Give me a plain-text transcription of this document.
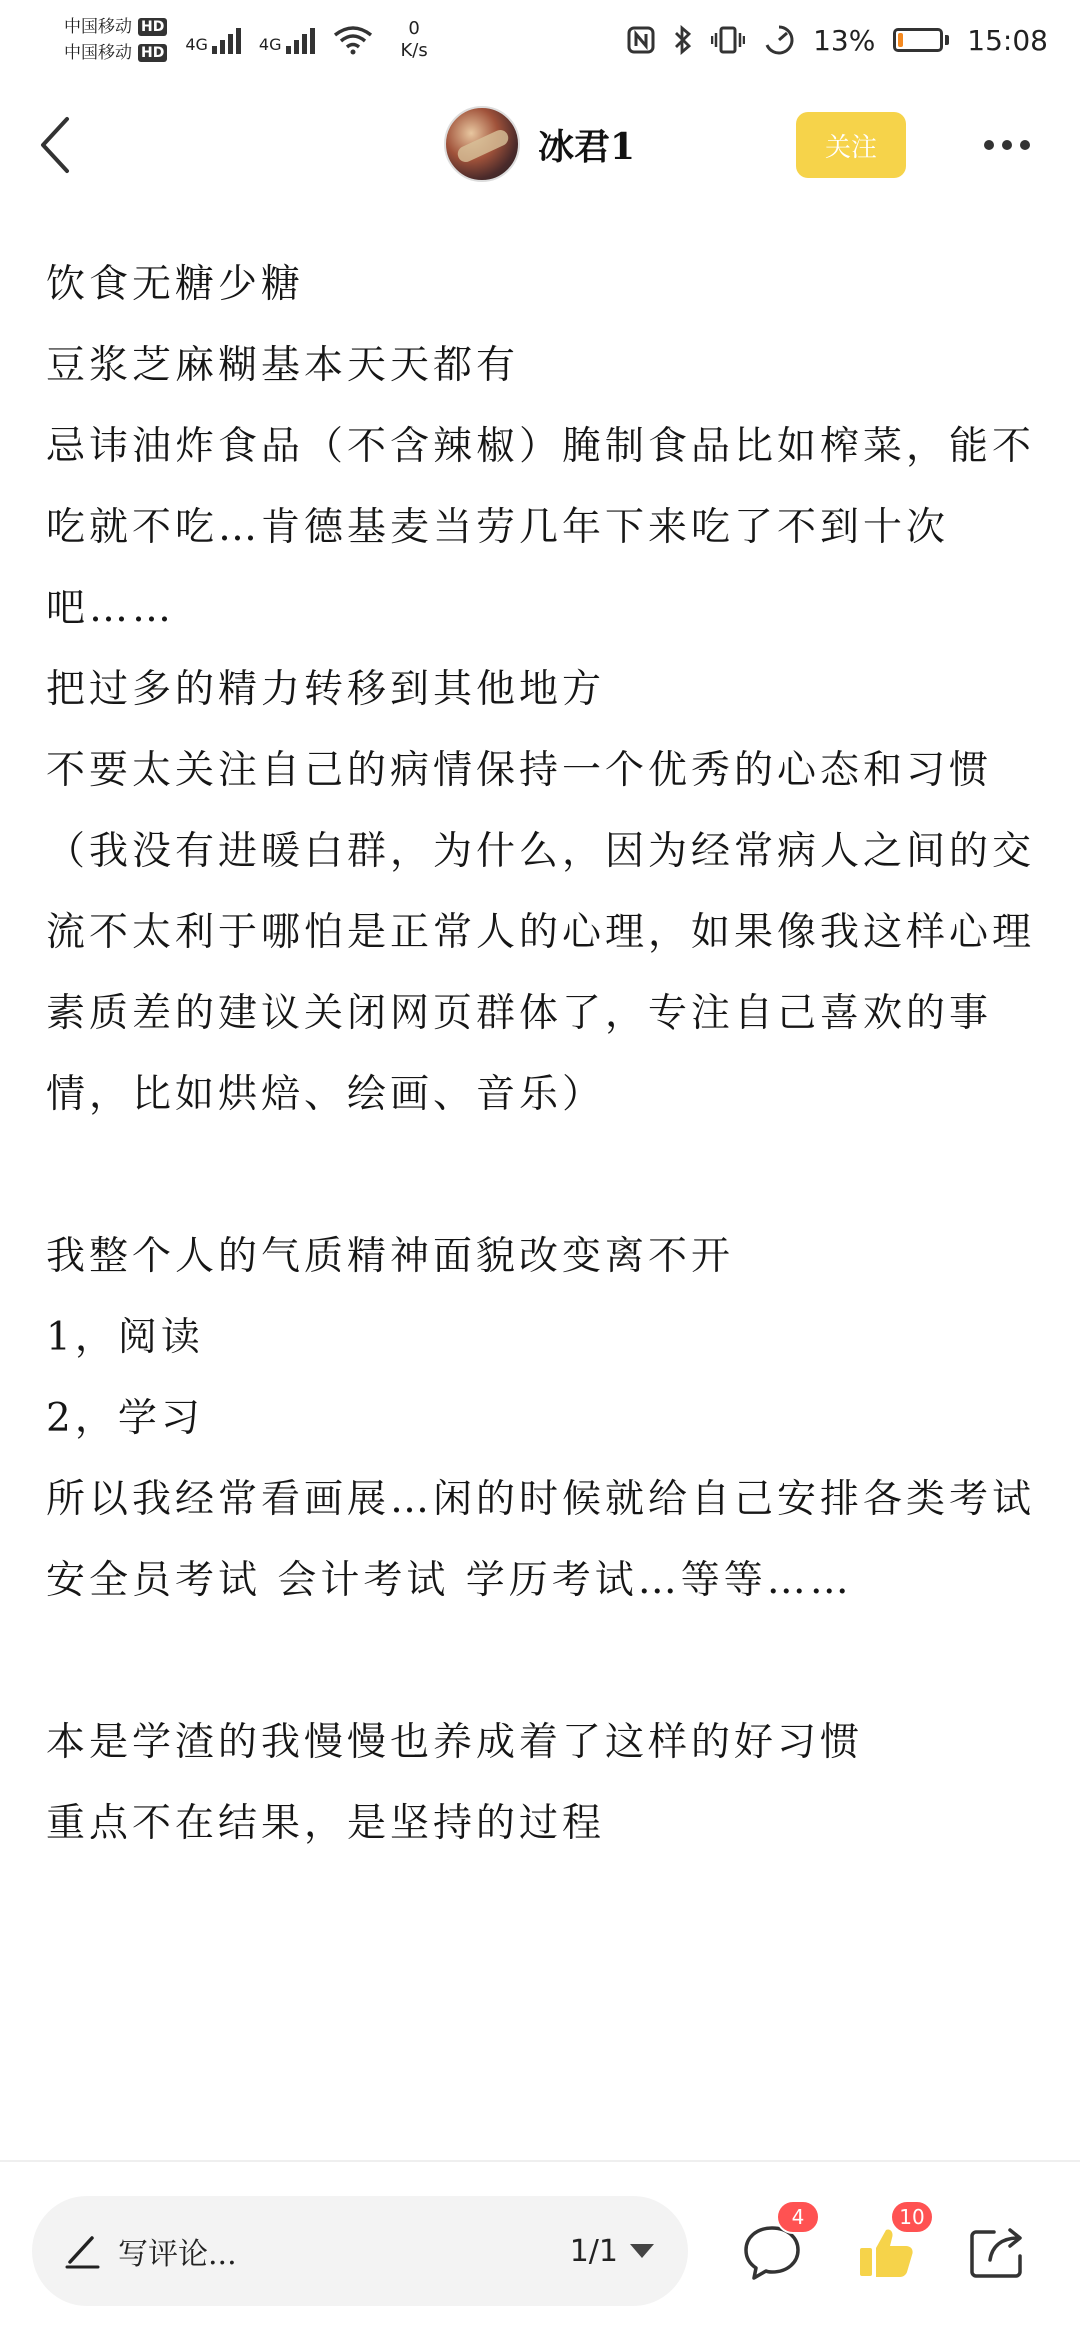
中国移动 HD
中国移动 HD 4G	4G
0
K/s	13%	15:08
冰君1	关注

饮食无糖少糖

豆浆芝麻糊基本天天都有

忌讳油炸食品（不含辣椒）腌制食品比如榨菜，能不吃就不吃…肯德基麦当劳几年下来吃了不到十次吧……

把过多的精力转移到其他地方

不要太关注自己的病情保持一个优秀的心态和习惯

（我没有进暖白群，为什么，因为经常病人之间的交流不太利于哪怕是正常人的心理，如果像我这样心理素质差的建议关闭网页群体了，专注自己喜欢的事情，比如烘焙、绘画、音乐）

我整个人的气质精神面貌改变离不开

1，阅读

2，学习

所以我经常看画展…闲的时候就给自己安排各类考试

安全员考试 会计考试 学历考试…等等……

本是学渣的我慢慢也养成着了这样的好习惯

重点不在结果，是坚持的过程

写评论...	1/1
4	10
